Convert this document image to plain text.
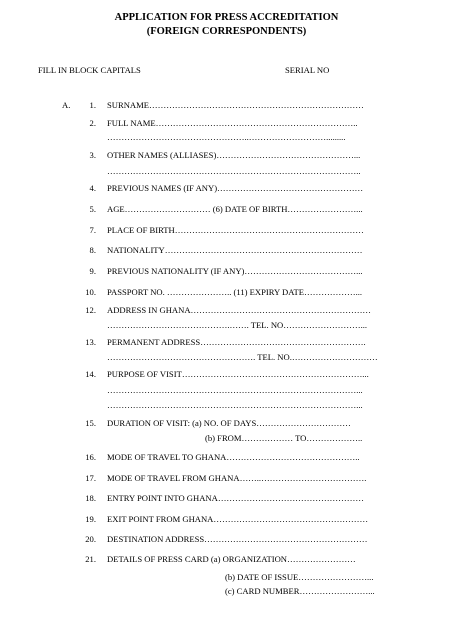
APPLICATION FOR PRESS ACCREDITATION
(FOREIGN CORRESPONDENTS)
FILL IN BLOCK CAPITALS	SERIAL NO
A.	1. SURNAME…………………………………………………………………
2. FULL NAME……………………………………………………………..
…………………………………………..……………………….........
3. OTHER NAMES (ALLIASES)…………………………………………...
……………………………………………………………………………..
4. PREVIOUS NAMES (IF ANY)……………………………………………
5. AGE………………………… (6) DATE OF BIRTH……………………...
7. PLACE OF BIRTH…………………………………………………………
8. NATIONALITY……………………………………………………………
9. PREVIOUS NATIONALITY (IF ANY)…………………………………...
10. PASSPORT NO. ………………….. (11) EXPIRY DATE………………...
12. ADDRESS IN GHANA………………………………………………………
…………………………………….……. TEL. NO………………………...
13. PERMANENT ADDRESS………………………………………………….
……………………………………………. TEL. NO.…………………………
14. PURPOSE OF VISIT………………………………………………………...
……………………………………………………………………………...
……………………………………………………………………………...
15. DURATION OF VISIT: (a) NO. OF DAYS……………………………
(b) FROM……………… TO………………..
16. MODE OF TRAVEL TO GHANA………………………………………..
17. MODE OF TRAVEL FROM GHANA……..……………………………….
18. ENTRY POINT INTO GHANA……………………………………………
19. EXIT POINT FROM GHANA………………………………………………
20. DESTINATION ADDRESS…………………………………………………
21. DETAILS OF PRESS CARD (a) ORGANIZATION……………………
(b) DATE OF ISSUE……………………...
(c) CARD NUMBER……………………...
